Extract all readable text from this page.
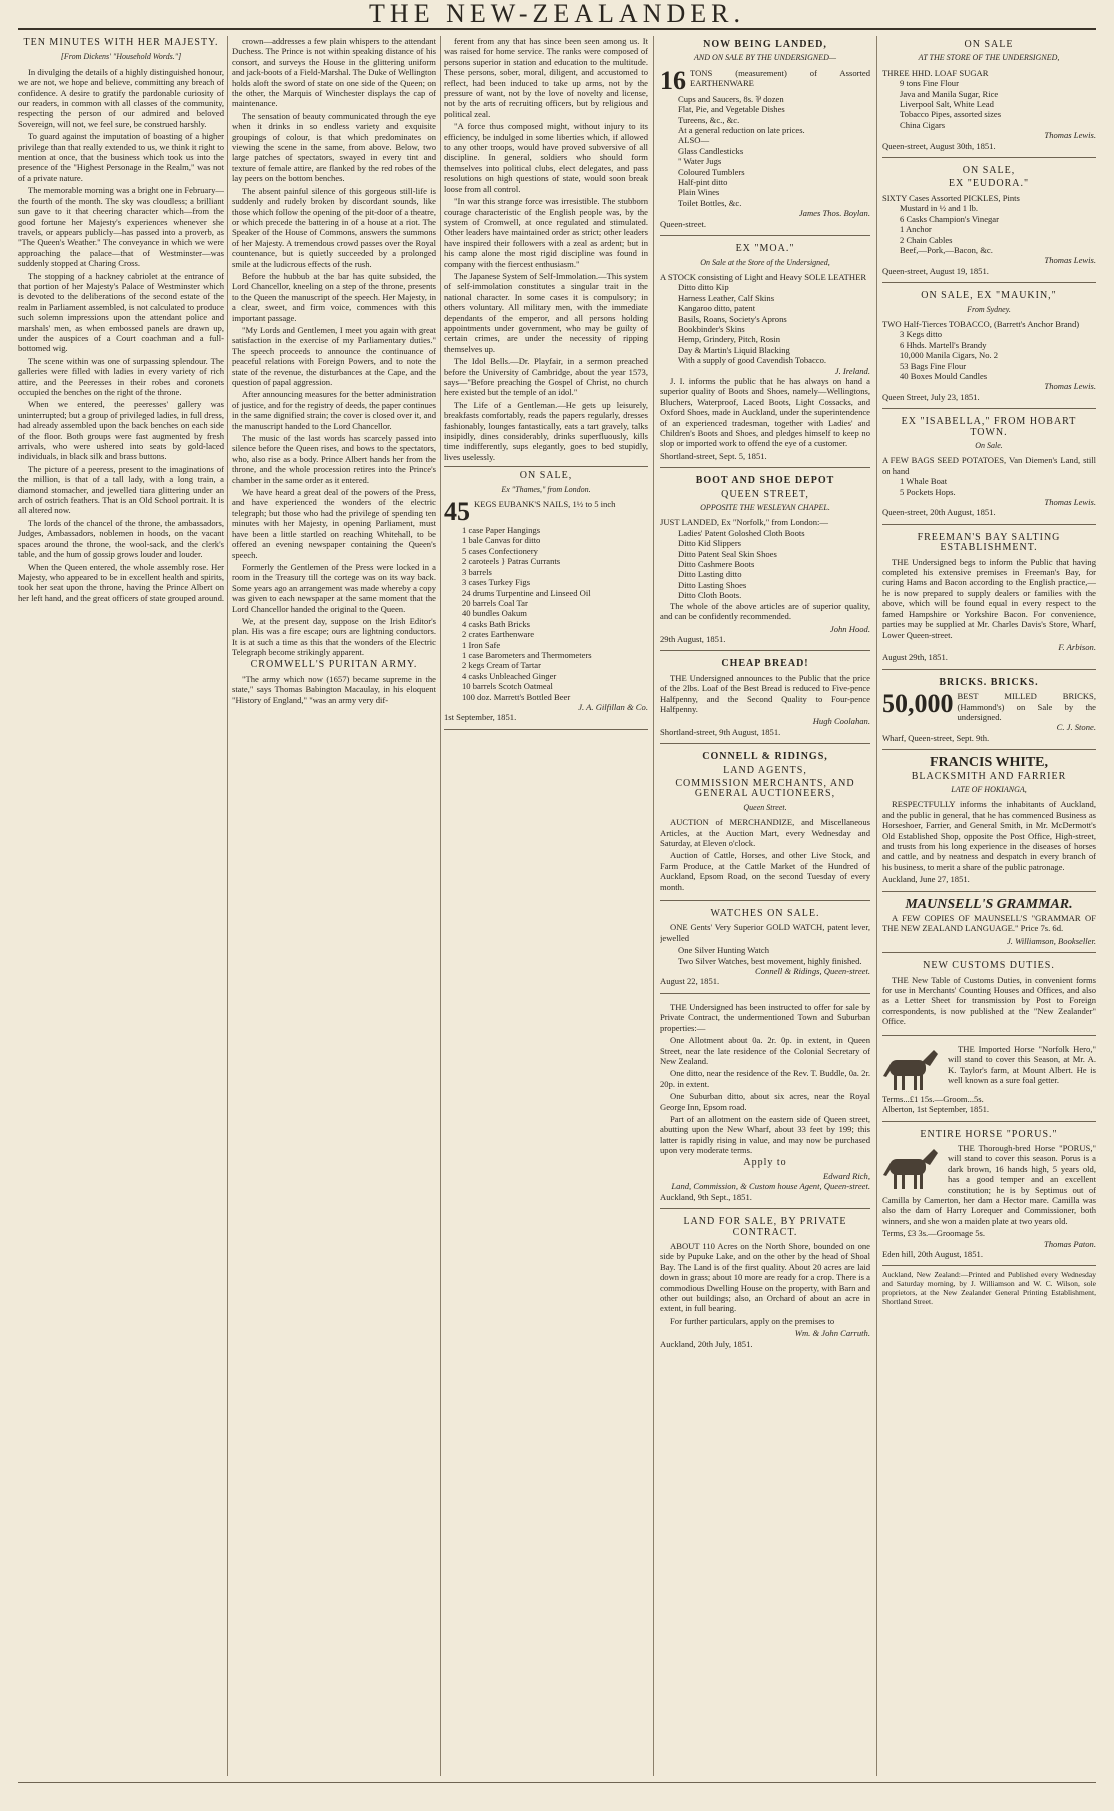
THE NEW-ZEALANDER.
TEN MINUTES WITH HER MAJESTY.
[From Dickens' "Household Words."]

In divulging the details of a highly distinguished honour, we are not, we hope and believe, committing any breach of confidence. A desire to gratify the pardonable curiosity of our readers, in common with all classes of the community, respecting the person of our admired and beloved Sovereign, will not, we feel sure, be construed harshly.

To guard against the imputation of boasting of a higher privilege than that really extended to us, we think it right to mention at once, that the business which took us into the presence of the "Highest Personage in the Realm," was not of a private nature.

The memorable morning was a bright one in February—the fourth of the month. The sky was cloudless; a brilliant sun gave to it that cheering character which—from the good fortune her Majesty's experiences whenever she travels, or appears publicly—has passed into a proverb, as "The Queen's Weather." The conveyance in which we were approaching the palace—that of Westminster—was suddenly stopped at Charing Cross.

The stopping of a hackney cabriolet at the entrance of that portion of her Majesty's Palace of Westminster which is devoted to the deliberations of the second estate of the realm in Parliament assembled, is not calculated to produce such solemn impressions upon the attendant police and marshals' men, as when embossed panels are drawn up, under the auspices of a Court coachman and a full-bottomed wig.

The scene within was one of surpassing splendour. The galleries were filled with ladies in every variety of rich attire, and the Peeresses in their robes and coronets occupied the benches on the right of the throne.

When we entered, the peeresses' gallery was uninterrupted; but a group of privileged ladies, in full dress, had already assembled upon the back benches on each side of the floor. Both groups were fast augmented by fresh arrivals, who were ushered into seats by gold-laced individuals, in black silk and brass buttons.

The picture of a peeress, present to the imaginations of the million, is that of a tall lady, with a long train, a diamond stomacher, and jewelled tiara glittering under an arch of ostrich feathers. That is an Old School portrait. It is all altered now.

The lords of the chancel of the throne, the ambassadors, Judges, Ambassadors, noblemen in hoods, on the vacant spaces around the throne, the wool-sack, and the clerk's table, and the hum of gossip grows louder and louder.

When the Queen entered, the whole assembly rose. Her Majesty, who appeared to be in excellent health and spirits, took her seat upon the throne, having the Prince Albert on her left hand, and the great officers of state grouped around.

crown—addresses a few plain whispers to the attendant Duchess. The Prince is not within speaking distance of his consort, and surveys the House in the glittering uniform and jack-boots of a Field-Marshal. The Duke of Wellington holds aloft the sword of state on one side of the Queen; on the other, the Marquis of Winchester displays the cap of maintenance.

The sensation of beauty communicated through the eye when it drinks in so endless variety and exquisite groupings of colour, is that which predominates on viewing the scene in the same, from above. Below, two large patches of spectators, swayed in every tint and texture of female attire, are flanked by the red robes of the lay peers on the bottom benches.

The absent painful silence of this gorgeous still-life is suddenly and rudely broken by discordant sounds, like those which follow the opening of the pit-door of a theatre, or which precede the battering in of a house at a riot. The Speaker of the House of Commons, answers the summons of her Majesty. A tremendous crowd passes over the Royal countenance, but is quietly succeeded by a prolonged smile at the ludicrous effects of the rush.

Before the hubbub at the bar has quite subsided, the Lord Chancellor, kneeling on a step of the throne, presents to the Queen the manuscript of the speech. Her Majesty, in a clear, sweet, and firm voice, commences with this important passage.

"My Lords and Gentlemen, I meet you again with great satisfaction in the exercise of my Parliamentary duties." The speech proceeds to announce the continuance of peaceful relations with Foreign Powers, and to note the state of the revenue, the disturbances at the Cape, and the question of papal aggression.

After announcing measures for the better administration of justice, and for the registry of deeds, the paper continues in the same dignified strain; the cover is closed over it, and the manuscript handed to the Lord Chancellor.

The music of the last words has scarcely passed into silence before the Queen rises, and bows to the spectators, who, also rise as a body. Prince Albert hands her from the throne, and the whole procession retires into the Prince's chamber in the same order as it entered.

We have heard a great deal of the powers of the Press, and have experienced the wonders of the electric telegraph; but those who had the privilege of spending ten minutes with her Majesty, in opening Parliament, must have been a little startled on reaching Whitehall, to be offered an evening newspaper containing the Queen's speech.

Formerly the Gentlemen of the Press were locked in a room in the Treasury till the cortege was on its way back. Some years ago an arrangement was made whereby a copy was given to each newspaper at the same moment that the Lord Chancellor handed the original to the Queen.

We, at the present day, suppose on the Irish Editor's plan. His was a fire escape; ours are lightning conductors. It is at such a time as this that the wonders of the Electric Telegraph become strikingly apparent.

CROMWELL'S PURITAN ARMY.

"The army which now (1657) became supreme in the state," says Thomas Babington Macaulay, in his eloquent "History of England," "was an army very dif-

ferent from any that has since been seen among us. It was raised for home service. The ranks were composed of persons superior in station and education to the multitude. These persons, sober, moral, diligent, and accustomed to reflect, had been induced to take up arms, not by the pressure of want, not by the love of novelty and license, not by the arts of recruiting officers, but by religious and political zeal.

"A force thus composed might, without injury to its efficiency, be indulged in some liberties which, if allowed to any other troops, would have proved subversive of all discipline. In general, soldiers who should form themselves into political clubs, elect delegates, and pass resolutions on high questions of state, would soon break loose from all control.

"In war this strange force was irresistible. The stubborn courage characteristic of the English people was, by the system of Cromwell, at once regulated and stimulated. Other leaders have maintained order as strict; other leaders have inspired their followers with a zeal as ardent; but in his camp alone the most rigid discipline was found in company with the fiercest enthusiasm."

The Japanese System of Self-Immolation.—This system of self-immolation constitutes a singular trait in the national character. In some cases it is compulsory; in others voluntary. All military men, with the immediate dependants of the emperor, and all persons holding appointments under government, who may be guilty of certain crimes, are under the necessity of ripping themselves up.

The Idol Bells.—Dr. Playfair, in a sermon preached before the University of Cambridge, about the year 1573, says—"Before preaching the Gospel of Christ, no church here existed but the temple of an idol."

The Life of a Gentleman.—He gets up leisurely, breakfasts comfortably, reads the papers regularly, dresses fashionably, lounges fantastically, eats a tart gravely, talks insipidly, dines considerably, drinks superfluously, kills time indifferently, sups elegantly, goes to bed stupidly, lives uselessly.

ON SALE,
Ex "Thames," from London.
45 KEGS EUBANK'S NAILS, 1½ to 5 inch
1 case Paper Hangings
1 bale Canvas for ditto
5 cases Confectionery
2 caroteels } Patras Currants
3 barrels
3 cases Turkey Figs
24 drums Turpentine and Linseed Oil
20 barrels Coal Tar
40 bundles Oakum
4 casks Bath Bricks
2 crates Earthenware
1 Iron Safe
1 case Barometers and Thermometers
2 kegs Cream of Tartar
4 casks Unbleached Ginger
10 barrels Scotch Oatmeal
100 doz. Marrett's Bottled Beer
J. A. Gilfillan & Co.
1st September, 1851.
NOW BEING LANDED,
AND ON SALE BY THE UNDERSIGNED—
16 TONS (measurement) of Assorted EARTHENWARE
Cups and Saucers, 8s. ⅌ dozen
Flat, Pie, and Vegetable Dishes
Tureens, &c., &c.
At a general reduction on late prices.
ALSO—
Glass Candlesticks
" Water Jugs
Coloured Tumblers
Half-pint ditto
Plain Wines
Toilet Bottles, &c.
James Thos. Boylan.
Queen-street.
EX "MOA."
On Sale at the Store of the Undersigned,
A STOCK consisting of Light and Heavy SOLE LEATHER
Ditto ditto Kip
Harness Leather, Calf Skins
Kangaroo ditto, patent
Basils, Roans, Society's Aprons
Bookbinder's Skins
Hemp, Grindery, Pitch, Rosin
Day & Martin's Liquid Blacking
With a supply of good Cavendish Tobacco.
J. Ireland.

J. I. informs the public that he has always on hand a superior quality of Boots and Shoes, namely—Wellingtons, Bluchers, Waterproof, Laced Boots, Light Cossacks, and Oxford Shoes, made in Auckland, under the superintendence of an experienced tradesman, together with Ladies' and Children's Boots and Shoes, and pledges himself to keep no slop or imported work to offend the eye of a customer.

Shortland-street, Sept. 5, 1851.
BOOT AND SHOE DEPOT
QUEEN STREET,
OPPOSITE THE WESLEYAN CHAPEL.
JUST LANDED, Ex "Norfolk," from London:—
Ladies' Patent Goloshed Cloth Boots
Ditto Kid Slippers
Ditto Patent Seal Skin Shoes
Ditto Cashmere Boots
Ditto Lasting ditto
Ditto Lasting Shoes
Ditto Cloth Boots.

The whole of the above articles are of superior quality, and can be confidently recommended.

John Hood.
29th August, 1851.
CHEAP BREAD!

THE Undersigned announces to the Public that the price of the 2lbs. Loaf of the Best Bread is reduced to Five-pence Halfpenny, and the Second Quality to Four-pence Halfpenny.

Hugh Coolahan.
Shortland-street, 9th August, 1851.
CONNELL & RIDINGS,
LAND AGENTS,
COMMISSION MERCHANTS, AND GENERAL AUCTIONEERS,
Queen Street.

AUCTION of MERCHANDIZE, and Miscellaneous Articles, at the Auction Mart, every Wednesday and Saturday, at Eleven o'clock.

Auction of Cattle, Horses, and other Live Stock, and Farm Produce, at the Cattle Market of the Hundred of Auckland, Epsom Road, on the second Tuesday of every month.

WATCHES ON SALE.

ONE Gents' Very Superior GOLD WATCH, patent lever, jewelled

One Silver Hunting Watch
Two Silver Watches, best movement, highly finished.
Connell & Ridings, Queen-street.
August 22, 1851.

THE Undersigned has been instructed to offer for sale by Private Contract, the undermentioned Town and Suburban properties:—

One Allotment about 0a. 2r. 0p. in extent, in Queen Street, near the late residence of the Colonial Secretary of New Zealand.

One ditto, near the residence of the Rev. T. Buddle, 0a. 2r. 20p. in extent.

One Suburban ditto, about six acres, near the Royal George Inn, Epsom road.

Part of an allotment on the eastern side of Queen street, abutting upon the New Wharf, about 33 feet by 199; this latter is rapidly rising in value, and may now be purchased upon very moderate terms.

Apply to
Edward Rich,
Land, Commission, & Custom house Agent, Queen-street.
Auckland, 9th Sept., 1851.
LAND FOR SALE, BY PRIVATE CONTRACT.

ABOUT 110 Acres on the North Shore, bounded on one side by Pupuke Lake, and on the other by the head of Shoal Bay. The Land is of the first quality. About 20 acres are laid down in grass; about 10 more are ready for a crop. There is a commodious Dwelling House on the property, with Barn and other out buildings; also, an Orchard of about an acre in extent, in full bearing.

For further particulars, apply on the premises to

Wm. & John Carruth.
Auckland, 20th July, 1851.
ON SALE
AT THE STORE OF THE UNDERSIGNED,
THREE HHD. LOAF SUGAR
9 tons Fine Flour
Java and Manila Sugar, Rice
Liverpool Salt, White Lead
Tobacco Pipes, assorted sizes
China Cigars
Thomas Lewis.
Queen-street, August 30th, 1851.
ON SALE,
EX "EUDORA."
SIXTY Cases Assorted PICKLES, Pints
Mustard in ½ and 1 lb.
6 Casks Champion's Vinegar
1 Anchor
2 Chain Cables
Beef,—Pork,—Bacon, &c.
Thomas Lewis.
Queen-street, August 19, 1851.
ON SALE, EX "MAUKIN,"
From Sydney.
TWO Half-Tierces TOBACCO, (Barrett's Anchor Brand)
3 Kegs ditto
6 Hhds. Martell's Brandy
10,000 Manila Cigars, No. 2
53 Bags Fine Flour
40 Boxes Mould Candles
Thomas Lewis.
Queen Street, July 23, 1851.
EX "ISABELLA," FROM HOBART TOWN.
On Sale.
A FEW BAGS SEED POTATOES, Van Diemen's Land, still on hand
1 Whale Boat
5 Pockets Hops.
Thomas Lewis.
Queen-street, 20th August, 1851.
FREEMAN'S BAY SALTING ESTABLISHMENT.

THE Undersigned begs to inform the Public that having completed his extensive premises in Freeman's Bay, for curing Hams and Bacon according to the English practice,—he is now prepared to supply dealers or families with the above, which will be found equal in every respect to the famed Hampshire or Yorkshire Bacon. For convenience, parties may be supplied at Mr. Charles Davis's Store, Wharf, Lower Queen-street.

F. Arbison.
August 29th, 1851.
BRICKS. BRICKS.
50,000 BEST MILLED BRICKS, (Hammond's) on Sale by the undersigned.
C. J. Stone.
Wharf, Queen-street, Sept. 9th.
FRANCIS WHITE,
BLACKSMITH AND FARRIER
LATE OF HOKIANGA,

RESPECTFULLY informs the inhabitants of Auckland, and the public in general, that he has commenced Business as Horseshoer, Farrier, and General Smith, in Mr. McDermott's Old Established Shop, opposite the Post Office, High-street, and trusts from his long experience in the diseases of horses and cattle, and by neatness and despatch in every branch of his business, to merit a share of the public patronage.

Auckland, June 27, 1851.
MAUNSELL'S GRAMMAR.

A FEW COPIES OF MAUNSELL'S "GRAMMAR OF THE NEW ZEALAND LANGUAGE." Price 7s. 6d.

J. Williamson, Bookseller.
NEW CUSTOMS DUTIES.

THE New Table of Customs Duties, in convenient forms for use in Merchants' Counting Houses and Offices, and also as a Letter Sheet for transmission by Post to Foreign correspondents, is now published at the "New Zealander" Office.

THE Imported Horse "Norfolk Hero," will stand to cover this Season, at Mr. A. K. Taylor's farm, at Mount Albert. He is well known as a sure foal getter.

Terms...£1 15s.—Groom...5s.
Alberton, 1st September, 1851.
ENTIRE HORSE "PORUS."

THE Thorough-bred Horse "PORUS," will stand to cover this season. Porus is a dark brown, 16 hands high, 5 years old, has a good temper and an excellent constitution; he is by Septimus out of Camilla by Camerton, her dam a Hector mare. Camilla was also the dam of Harry Lorequer and Commissioner, both winners, and she won a maiden plate at two years old.

Terms, £3 3s.—Groomage 5s.
Thomas Paton.
Eden hill, 20th August, 1851.
Auckland, New Zealand:—Printed and Published every Wednesday and Saturday morning, by J. Williamson and W. C. Wilson, sole proprietors, at the New Zealander General Printing Establishment, Shortland Street.
